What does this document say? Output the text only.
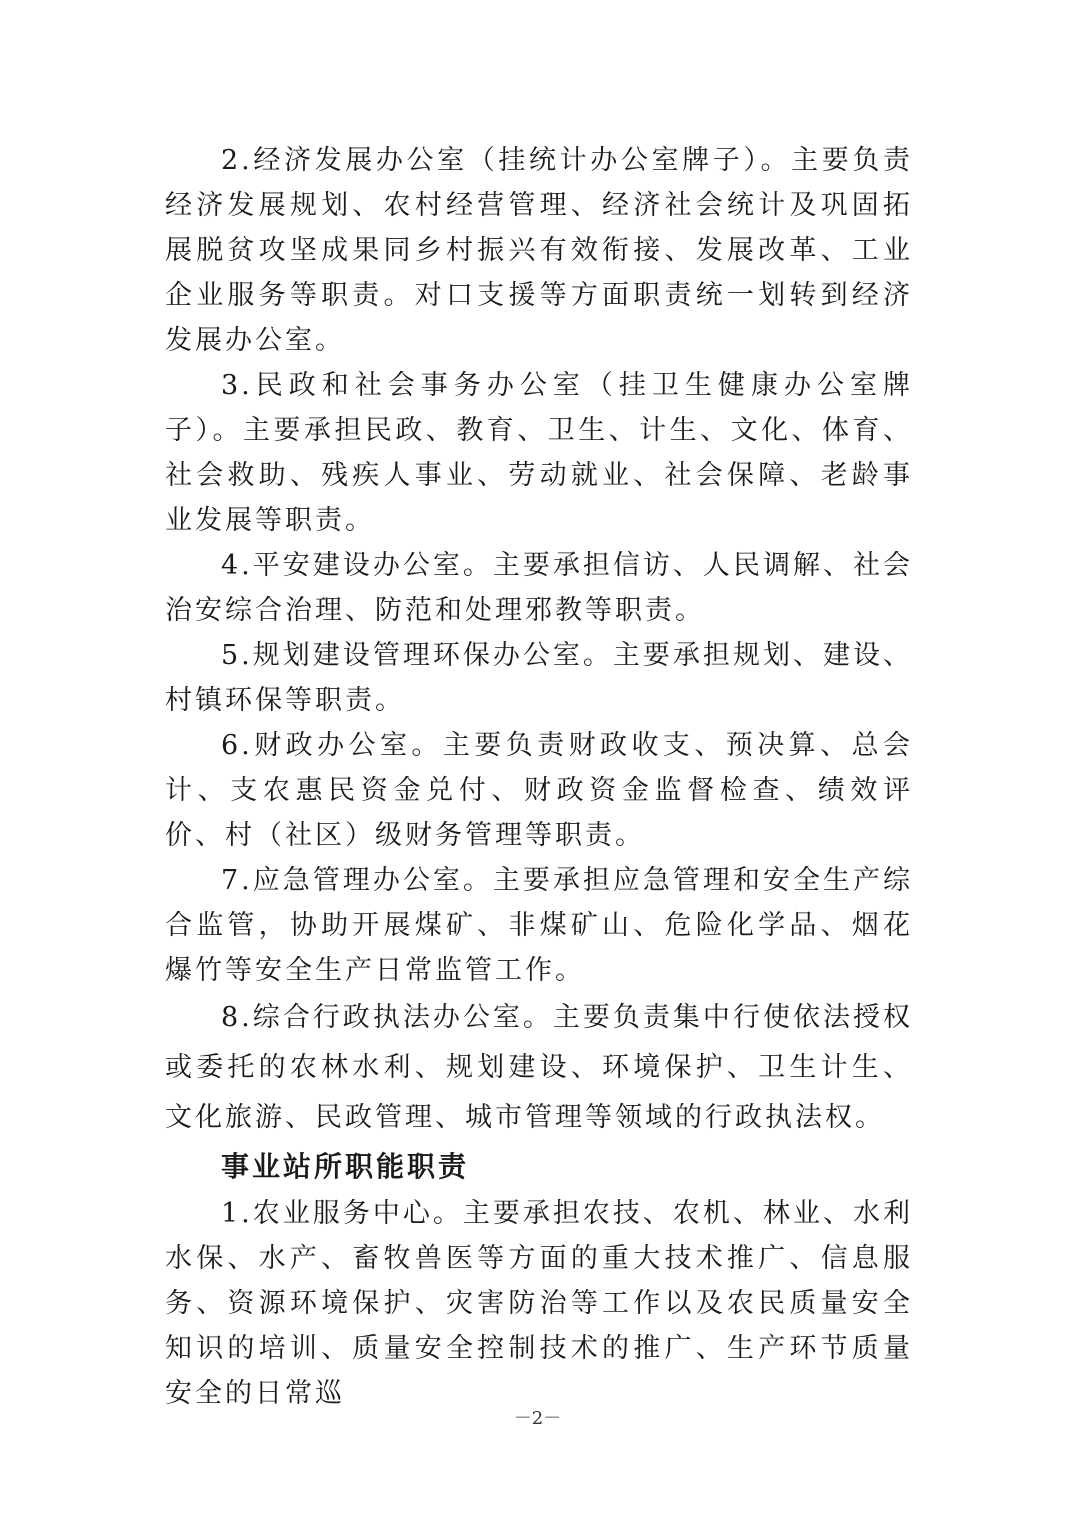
2.经济发展办公室（挂统计办公室牌子）。主要负责经济发展规划、农村经营管理、经济社会统计及巩固拓展脱贫攻坚成果同乡村振兴有效衔接、发展改革、工业企业服务等职责。对口支援等方面职责统一划转到经济发展办公室。

3.民政和社会事务办公室（挂卫生健康办公室牌子）。主要承担民政、教育、卫生、计生、文化、体育、社会救助、残疾人事业、劳动就业、社会保障、老龄事业发展等职责。

4.平安建设办公室。主要承担信访、人民调解、社会治安综合治理、防范和处理邪教等职责。

5.规划建设管理环保办公室。主要承担规划、建设、村镇环保等职责。

6.财政办公室。主要负责财政收支、预决算、总会计、支农惠民资金兑付、财政资金监督检查、绩效评价、村（社区）级财务管理等职责。

7.应急管理办公室。主要承担应急管理和安全生产综合监管，协助开展煤矿、非煤矿山、危险化学品、烟花爆竹等安全生产日常监管工作。

8.综合行政执法办公室。主要负责集中行使依法授权或委托的农林水利、规划建设、环境保护、卫生计生、文化旅游、民政管理、城市管理等领域的行政执法权。

事业站所职能职责

1.农业服务中心。主要承担农技、农机、林业、水利水保、水产、畜牧兽医等方面的重大技术推广、信息服务、资源环境保护、灾害防治等工作以及农民质量安全知识的培训、质量安全控制技术的推广、生产环节质量安全的日常巡

－2－
